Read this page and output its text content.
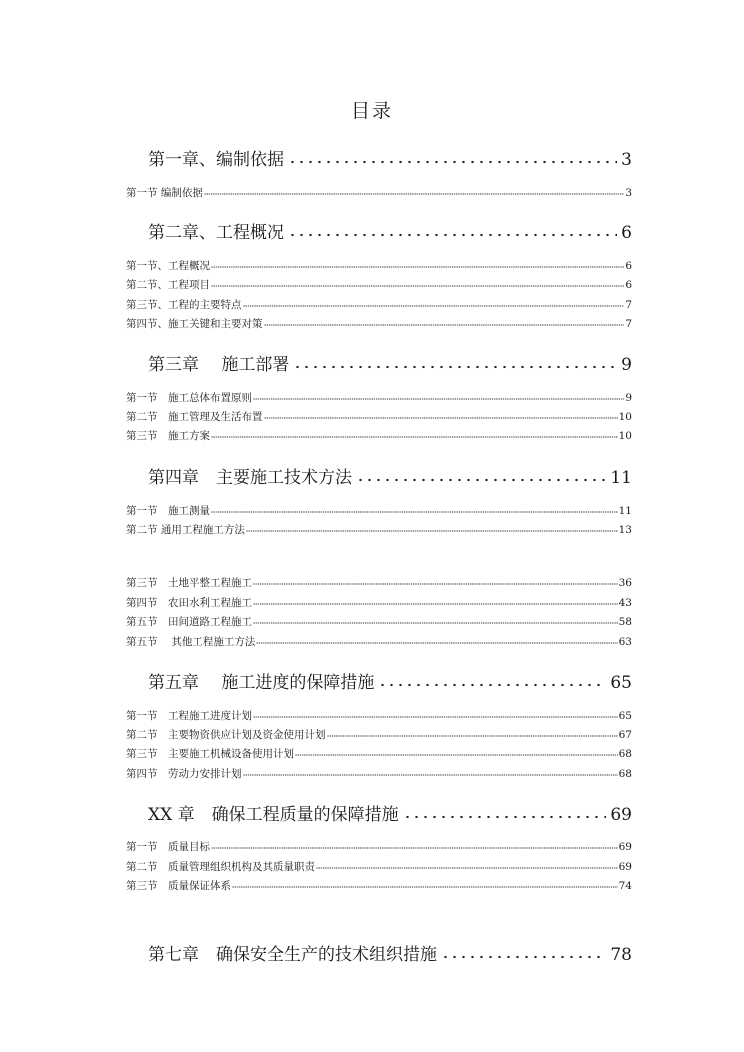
目录
第一章、编制依据	3
第二章、工程概况	6
第三章　 施工部署	9
第四章　主要施工技术方法	11
第五章　 施工进度的保障措施	65
XX 章　确保工程质量的保障措施	69
第七章　确保安全生产的技术组织措施	78
第一节 编制依据	3
第一节、工程概况	6
第二节、工程项目	6
第三节、工程的主要特点	7
第四节、施工关键和主要对策	7
第一节　施工总体布置原则	9
第二节　施工管理及生活布置	10
第三节　施工方案	10
第一节　施工测量	11
第二节 通用工程施工方法	13
第三节　土地平整工程施工	36
第四节　农田水利工程施工	43
第五节　田间道路工程施工	58
第五节　 其他工程施工方法	63
第一节　工程施工进度计划	65
第二节　主要物资供应计划及资金使用计划	67
第三节　主要施工机械设备使用计划	68
第四节　劳动力安排计划	68
第一节　质量目标	69
第二节　质量管理组织机构及其质量职责	69
第三节　质量保证体系	74
